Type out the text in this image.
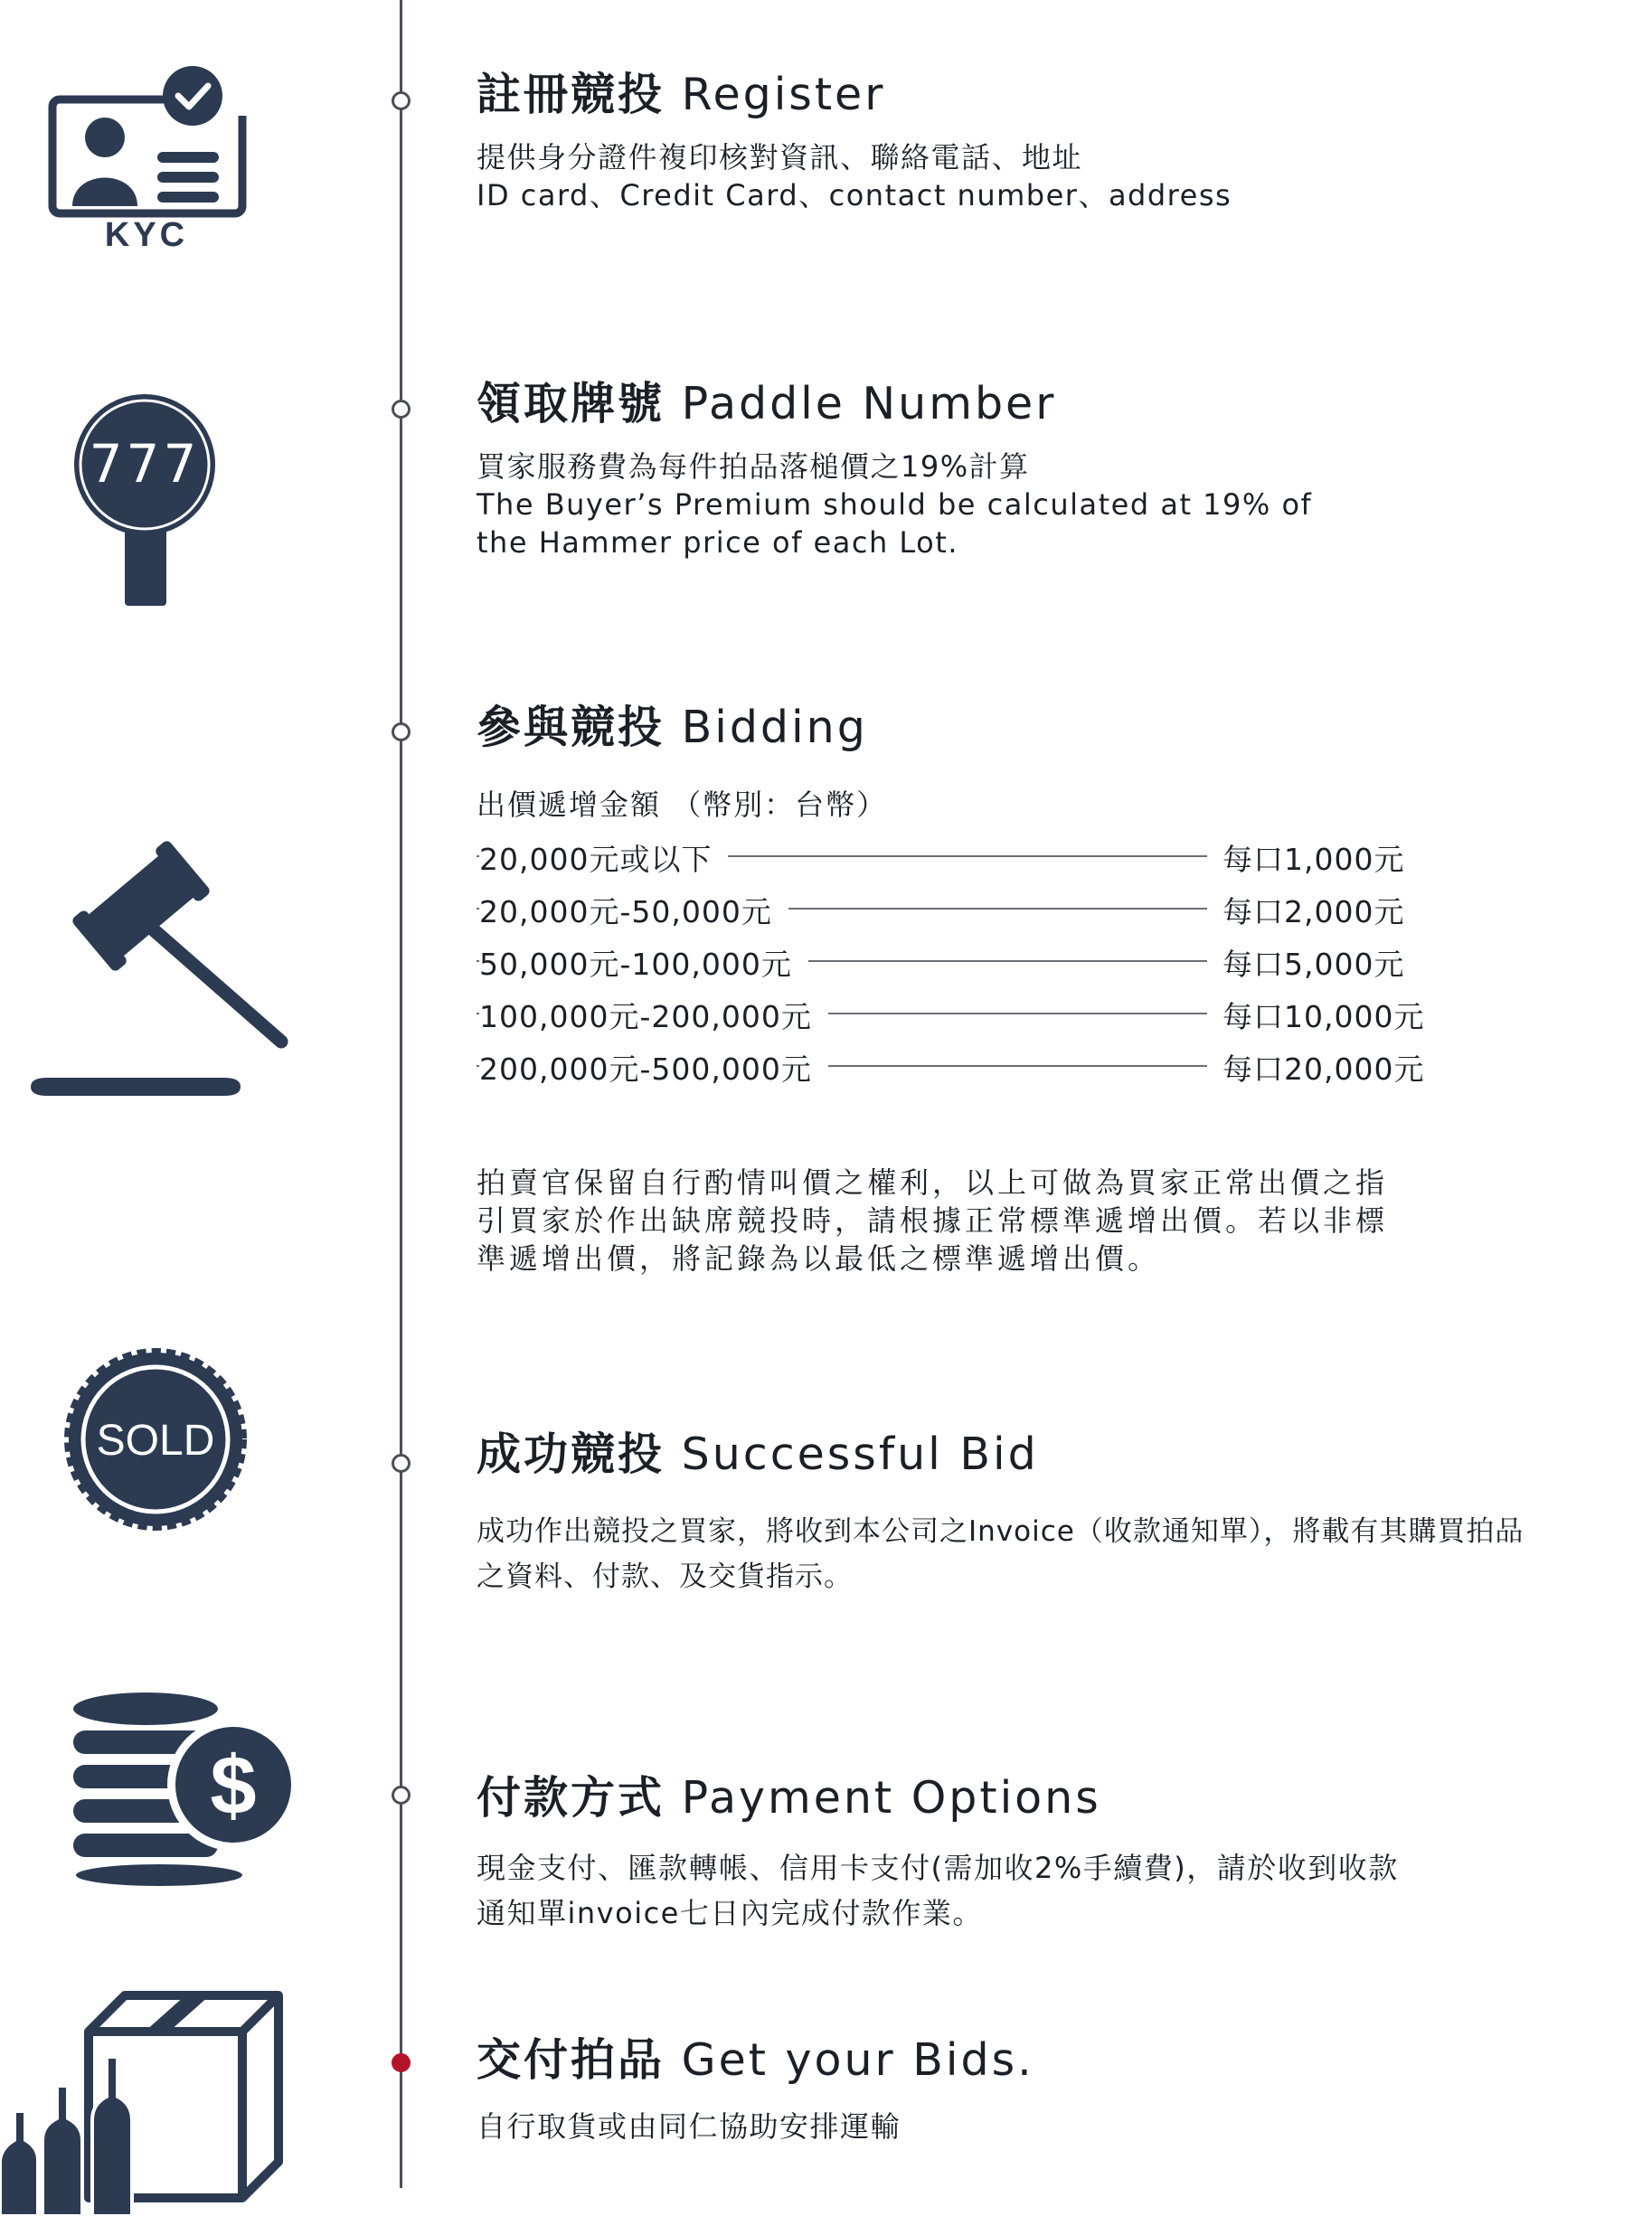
KYC
777
SOLD
$
註冊競投 Register
提供身分證件複印核對資訊、聯絡電話、地址
ID card、Credit Card、contact number、address
領取牌號 Paddle Number
買家服務費為每件拍品落槌價之19%計算
The Buyer’s Premium should be calculated at 19% of
the Hammer price of each Lot.
參與競投 Bidding
出價遞增金額 （幣別：台幣）
20,000元或以下	每口1,000元
20,000元-50,000元	每口2,000元
50,000元-100,000元	每口5,000元
100,000元-200,000元	每口10,000元
200,000元-500,000元	每口20,000元
拍賣官保留自行酌情叫價之權利，以上可做為買家正常出價之指
引買家於作出缺席競投時，請根據正常標準遞增出價。若以非標
準遞增出價，將記錄為以最低之標準遞增出價。
成功競投 Successful Bid
成功作出競投之買家，將收到本公司之Invoice（收款通知單），將載有其購買拍品
之資料、付款、及交貨指示。
付款方式 Payment Options
現金支付、匯款轉帳、信用卡支付(需加收2%手續費)，請於收到收款
通知單invoice七日內完成付款作業。
交付拍品 Get your Bids.
自行取貨或由同仁協助安排運輸
